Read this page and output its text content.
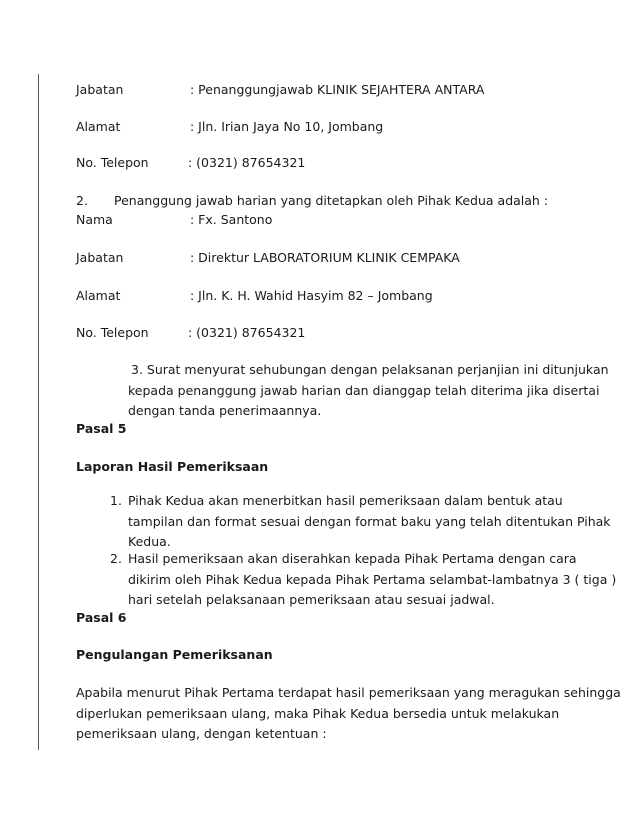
Jabatan	: Penanggungjawab KLINIK SEJAHTERA ANTARA
Alamat	: Jln. Irian Jaya No 10, Jombang
No. Telepon	: (0321) 87654321
2. Penanggung jawab harian yang ditetapkan oleh Pihak Kedua adalah :
Nama	: Fx. Santono
Jabatan	: Direktur LABORATORIUM KLINIK CEMPAKA
Alamat	: Jln. K. H. Wahid Hasyim 82 – Jombang
No. Telepon	: (0321) 87654321
3. Surat menyurat sehubungan dengan pelaksanan perjanjian ini ditunjukan
kepada penanggung jawab harian dan dianggap telah diterima jika disertai
dengan tanda penerimaannya.
Pasal 5
Laporan Hasil Pemeriksaan
1. Pihak Kedua akan menerbitkan hasil pemeriksaan dalam bentuk atau
tampilan dan format sesuai dengan format baku yang telah ditentukan Pihak
Kedua.
2. Hasil pemeriksaan akan diserahkan kepada Pihak Pertama dengan cara
dikirim oleh Pihak Kedua kepada Pihak Pertama selambat-lambatnya 3 ( tiga )
hari setelah pelaksanaan pemeriksaan atau sesuai jadwal.
Pasal 6
Pengulangan Pemeriksanan
Apabila menurut Pihak Pertama terdapat hasil pemeriksaan yang meragukan sehingga
diperlukan pemeriksaan ulang, maka Pihak Kedua bersedia untuk melakukan
pemeriksaan ulang, dengan ketentuan :
